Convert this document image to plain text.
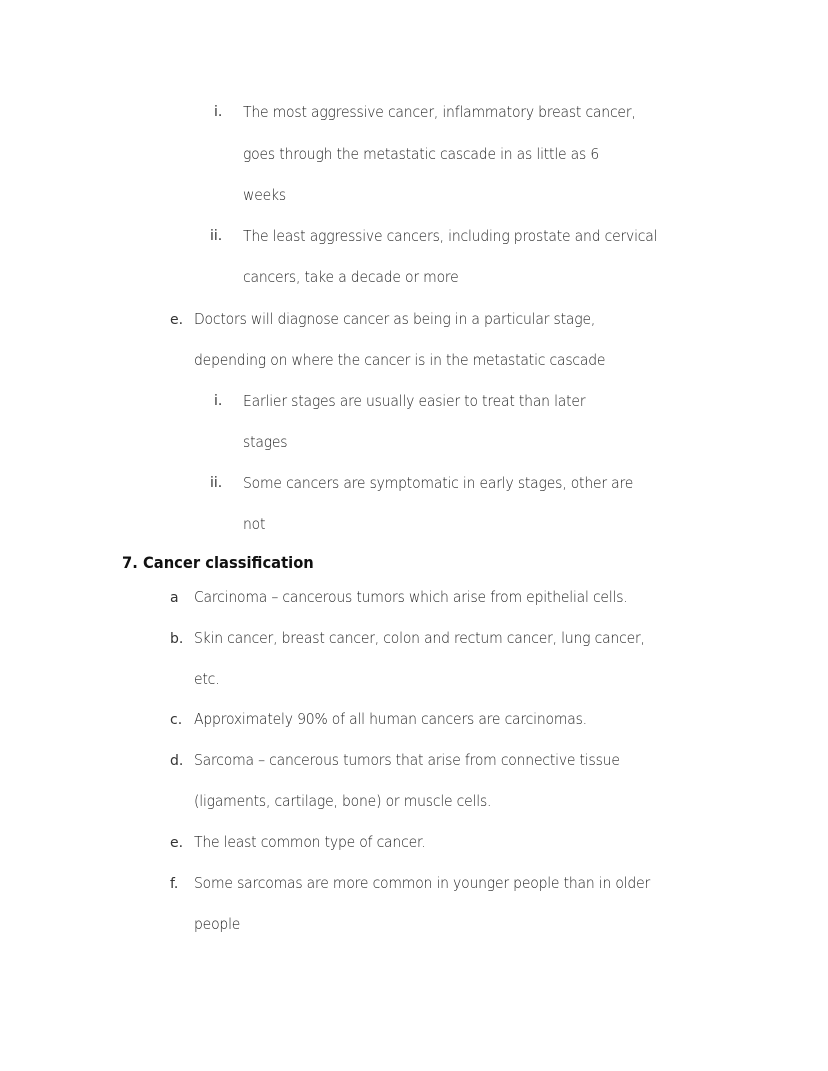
i. The most aggressive cancer, inflammatory breast cancer,
goes through the metastatic cascade in as little as 6
weeks
ii. The least aggressive cancers, including prostate and cervical
cancers, take a decade or more
e. Doctors will diagnose cancer as being in a particular stage,
depending on where the cancer is in the metastatic cascade
i. Earlier stages are usually easier to treat than later
stages
ii. Some cancers are symptomatic in early stages, other are
not
7. Cancer classification
a Carcinoma – cancerous tumors which arise from epithelial cells.
b. Skin cancer, breast cancer, colon and rectum cancer, lung cancer,
etc.
c. Approximately 90% of all human cancers are carcinomas.
d. Sarcoma – cancerous tumors that arise from connective tissue
(ligaments, cartilage, bone) or muscle cells.
e. The least common type of cancer.
f. Some sarcomas are more common in younger people than in older
people
